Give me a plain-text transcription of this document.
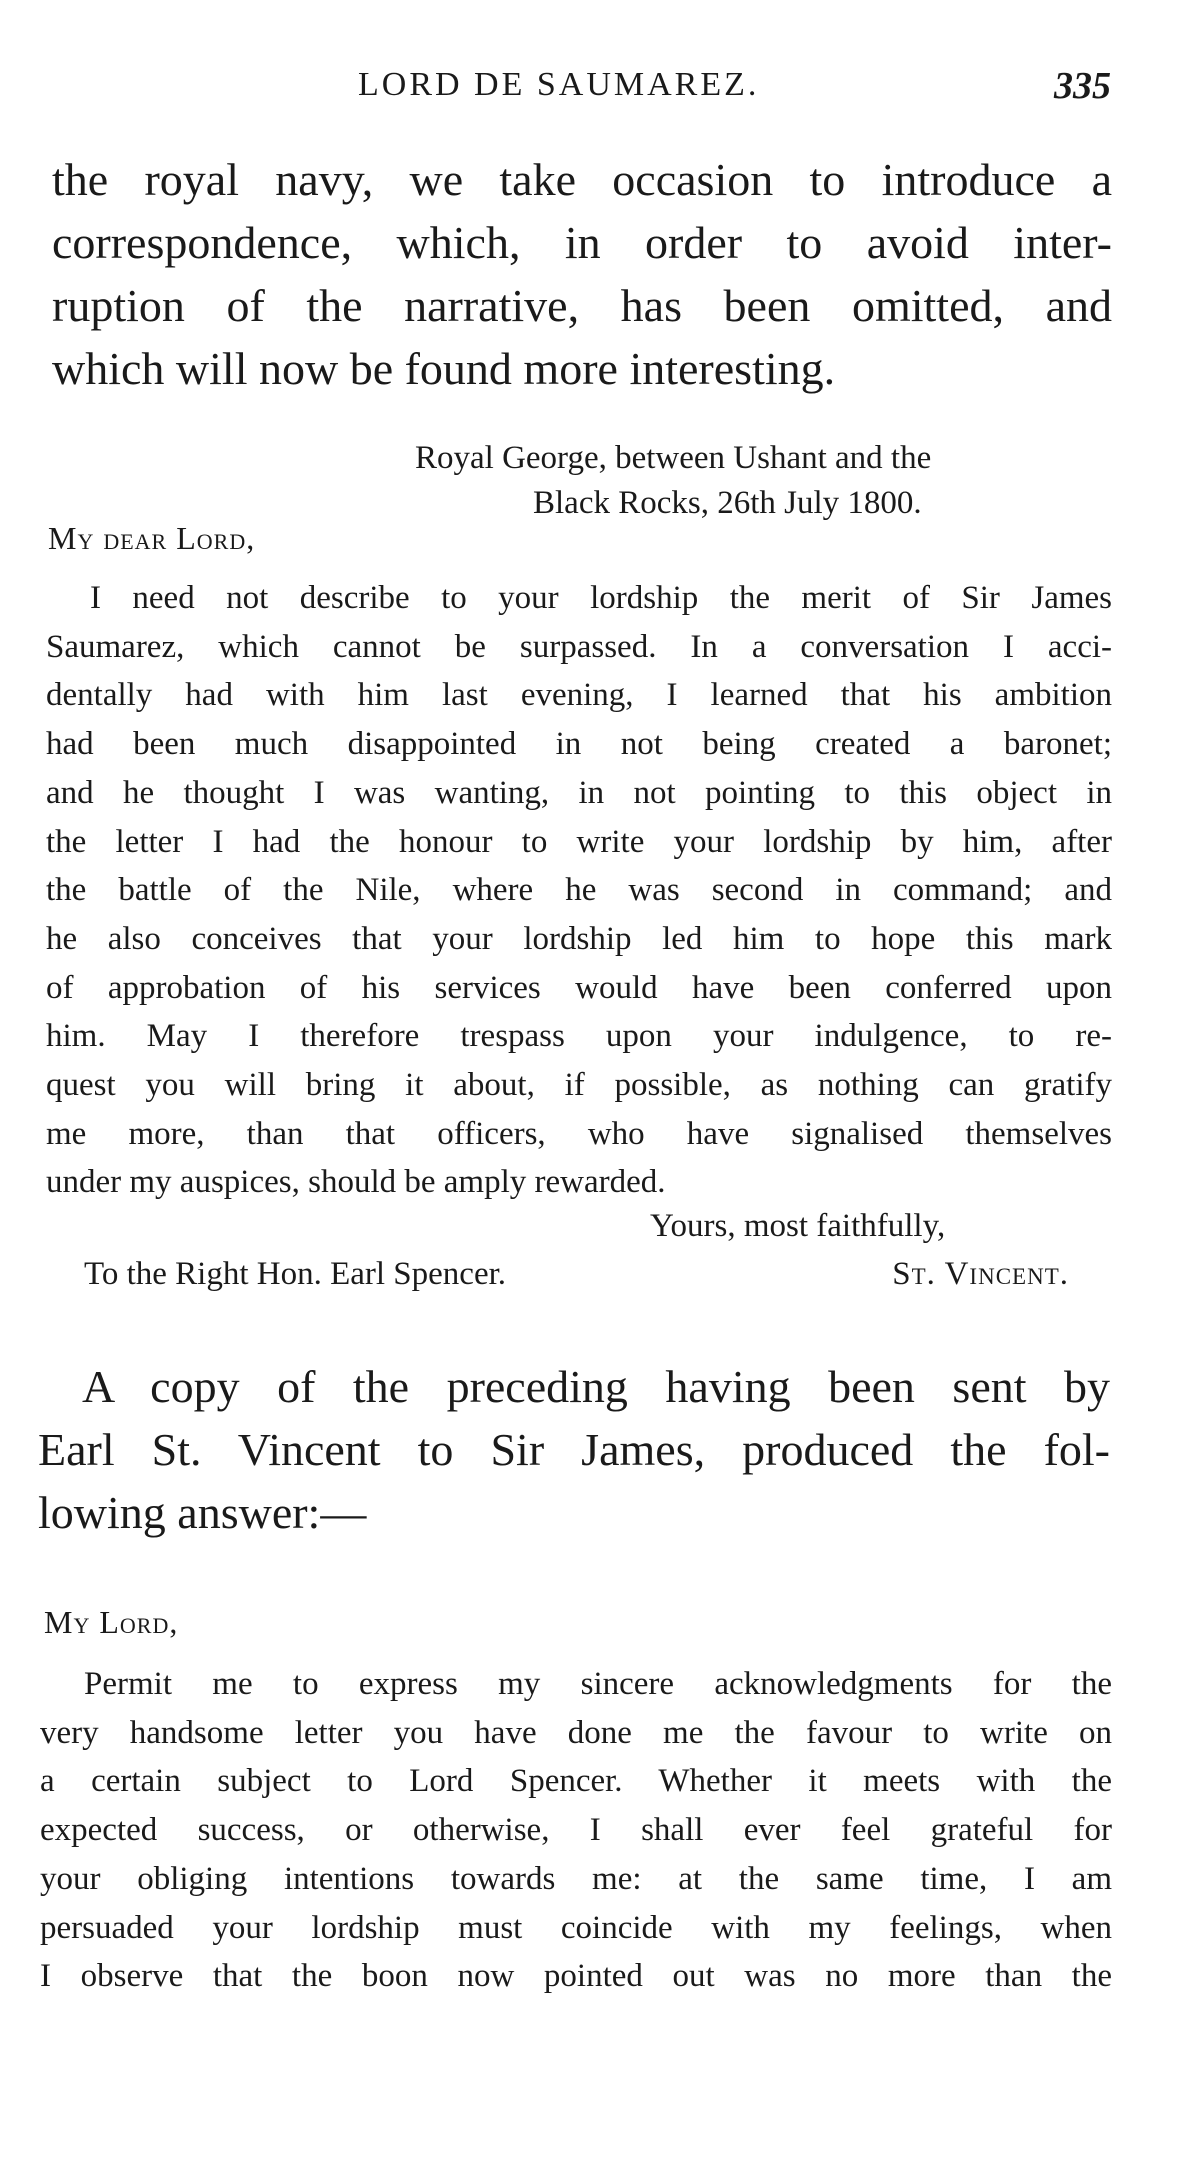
LORD DE SAUMAREZ.	335
the royal navy, we take occasion to introduce a
correspondence, which, in order to avoid inter-
ruption of the narrative, has been omitted, and
which will now be found more interesting.
Royal George, between Ushant and the
Black Rocks, 26th July 1800.
My dear Lord,
I need not describe to your lordship the merit of Sir James
Saumarez, which cannot be surpassed. In a conversation I acci-
dentally had with him last evening, I learned that his ambition
had been much disappointed in not being created a baronet;
and he thought I was wanting, in not pointing to this object in
the letter I had the honour to write your lordship by him, after
the battle of the Nile, where he was second in command; and
he also conceives that your lordship led him to hope this mark
of approbation of his services would have been conferred upon
him. May I therefore trespass upon your indulgence, to re-
quest you will bring it about, if possible, as nothing can gratify
me more, than that officers, who have signalised themselves
under my auspices, should be amply rewarded.
Yours, most faithfully,
To the Right Hon. Earl Spencer.	St. Vincent.
A copy of the preceding having been sent by
Earl St. Vincent to Sir James, produced the fol-
lowing answer:—
My Lord,
Permit me to express my sincere acknowledgments for the
very handsome letter you have done me the favour to write on
a certain subject to Lord Spencer. Whether it meets with the
expected success, or otherwise, I shall ever feel grateful for
your obliging intentions towards me: at the same time, I am
persuaded your lordship must coincide with my feelings, when
I observe that the boon now pointed out was no more than the
